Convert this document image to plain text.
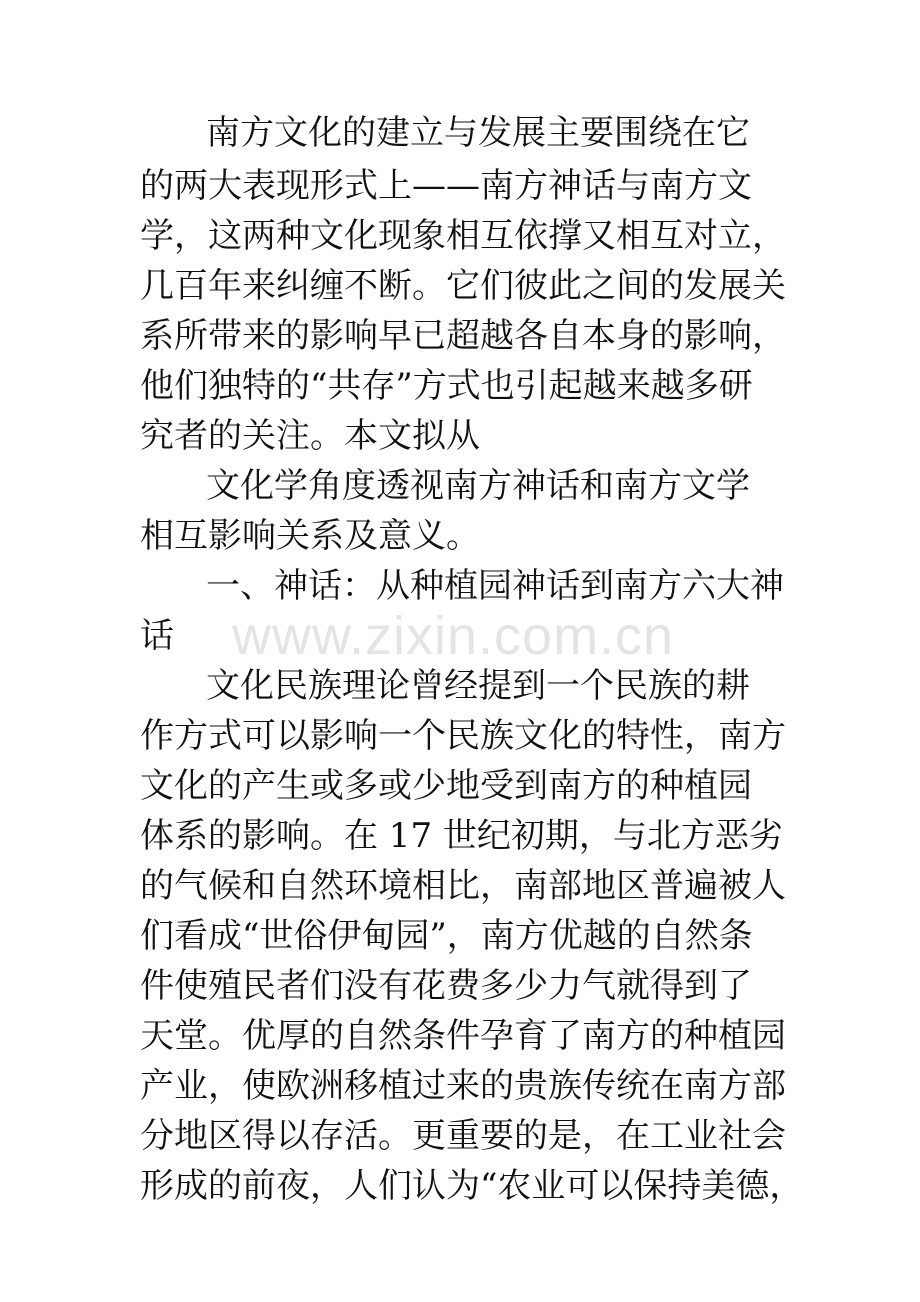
南方文化的建立与发展主要围绕在它
的两大表现形式上——南方神话与南方文
学，这两种文化现象相互依撑又相互对立，
几百年来纠缠不断。它们彼此之间的发展关
系所带来的影响早已超越各自本身的影响，
他们独特的“共存”方式也引起越来越多研
究者的关注。本文拟从
文化学角度透视南方神话和南方文学
相互影响关系及意义。
一、神话：从种植园神话到南方六大神
话
文化民族理论曾经提到一个民族的耕
作方式可以影响一个民族文化的特性，南方
文化的产生或多或少地受到南方的种植园
体系的影响。在 17 世纪初期，与北方恶劣
的气候和自然环境相比，南部地区普遍被人
们看成“世俗伊甸园”，南方优越的自然条
件使殖民者们没有花费多少力气就得到了
天堂。优厚的自然条件孕育了南方的种植园
产业，使欧洲移植过来的贵族传统在南方部
分地区得以存活。更重要的是，在工业社会
形成的前夜，人们认为“农业可以保持美德，
www.zixin.com.cn
